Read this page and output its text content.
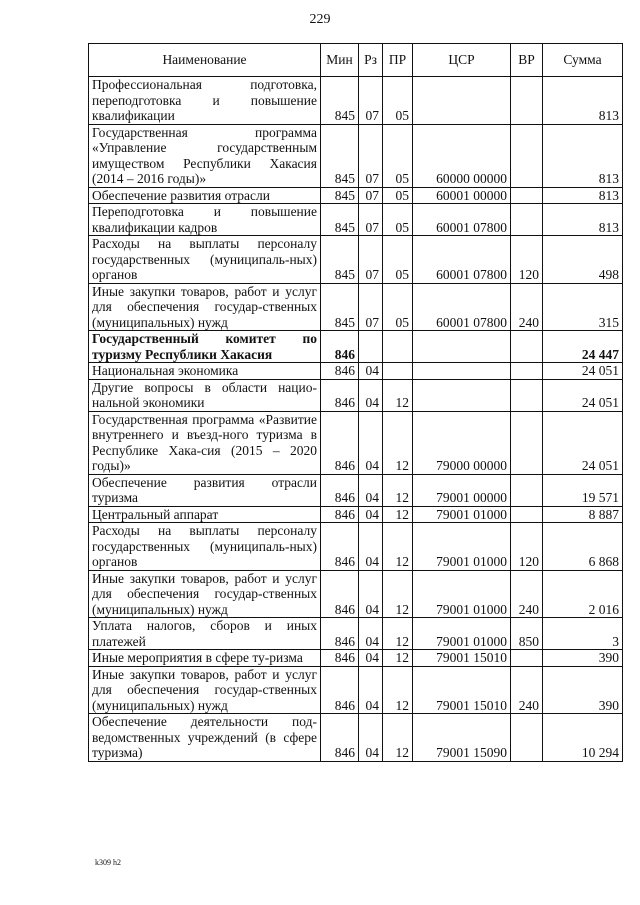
229
Наименование	Мин	Рз	ПР	ЦСР	ВР	Сумма
Профессиональная подготовка, переподготовка и повышение квалификации	845	07	05			813
Государственная программа «Управление государственным имуществом Республики Хакасия (2014 – 2016 годы)»	845	07	05	60000 00000		813
Обеспечение развития отрасли	845	07	05	60001 00000		813
Переподготовка и повышение квалификации кадров	845	07	05	60001 07800		813
Расходы на выплаты персоналу государственных (муниципаль-ных) органов	845	07	05	60001 07800	120	498
Иные закупки товаров, работ и услуг для обеспечения государ-ственных (муниципальных) нужд	845	07	05	60001 07800	240	315
Государственный комитет по туризму Республики Хакасия	846					24 447
Национальная экономика	846	04				24 051
Другие вопросы в области нацио-нальной экономики	846	04	12			24 051
Государственная программа «Развитие внутреннего и въезд-ного туризма в Республике Хака-сия (2015 – 2020 годы)»	846	04	12	79000 00000		24 051
Обеспечение развития отрасли туризма	846	04	12	79001 00000		19 571
Центральный аппарат	846	04	12	79001 01000		8 887
Расходы на выплаты персоналу государственных (муниципаль-ных) органов	846	04	12	79001 01000	120	6 868
Иные закупки товаров, работ и услуг для обеспечения государ-ственных (муниципальных) нужд	846	04	12	79001 01000	240	2 016
Уплата налогов, сборов и иных платежей	846	04	12	79001 01000	850	3
Иные мероприятия в сфере ту-ризма	846	04	12	79001 15010		390
Иные закупки товаров, работ и услуг для обеспечения государ-ственных (муниципальных) нужд	846	04	12	79001 15010	240	390
Обеспечение деятельности под-ведомственных учреждений (в сфере туризма)	846	04	12	79001 15090		10 294
k309 h2
